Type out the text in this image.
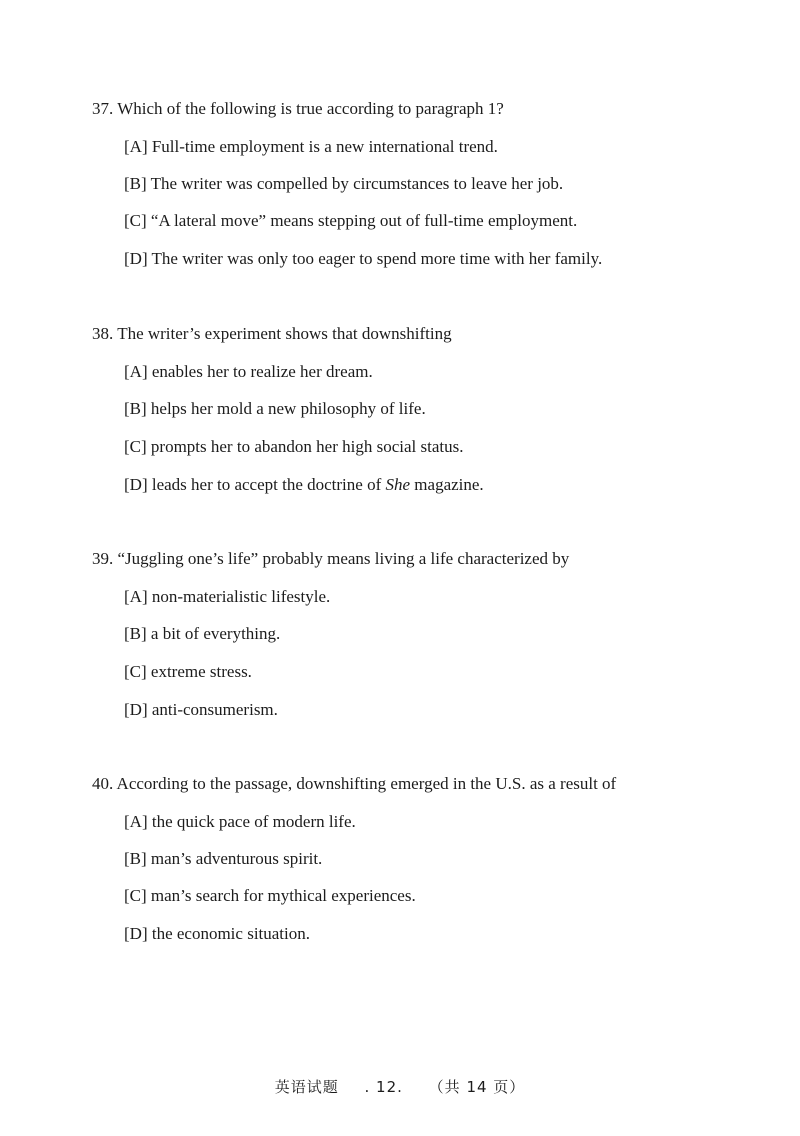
37. Which of the following is true according to paragraph 1?
[A] Full-time employment is a new international trend.
[B] The writer was compelled by circumstances to leave her job.
[C] “A lateral move” means stepping out of full-time employment.
[D] The writer was only too eager to spend more time with her family.
38. The writer’s experiment shows that downshifting
[A] enables her to realize her dream.
[B] helps her mold a new philosophy of life.
[C] prompts her to abandon her high social status.
[D] leads her to accept the doctrine of She magazine.
39. “Juggling one’s life” probably means living a life characterized by
[A] non-materialistic lifestyle.
[B] a bit of everything.
[C] extreme stress.
[D] anti-consumerism.
40. According to the passage, downshifting emerged in the U.S. as a result of
[A] the quick pace of modern life.
[B] man’s adventurous spirit.
[C] man’s search for mythical experiences.
[D] the economic situation.
英语试题 . 12. （共 14 页）
